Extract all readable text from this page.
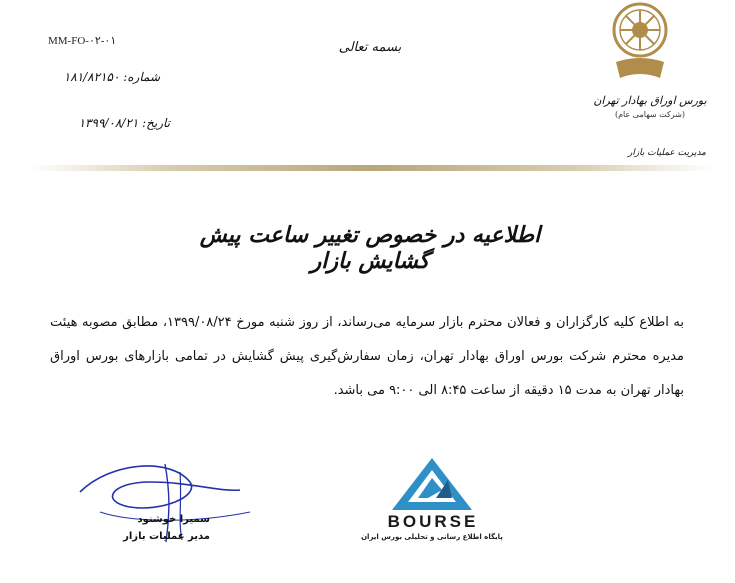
MM-FO-۰۲-۰۱
شماره: ۱۸۱/۸۲۱۵۰
تاریخ: ۱۳۹۹/۰۸/۲۱
بسمه تعالی
بورس اوراق بهادار تهران
(شرکت سهامی عام)
مدیریت عملیات بازار
اطلاعیه در خصوص تغییر ساعت پیش گشایش بازار
به اطلاع کلیه کارگزاران و فعالان محترم بازار سرمایه می‌رساند، از روز شنبه مورخ ۱۳۹۹/۰۸/۲۴، مطابق مصوبه هیئت مدیره محترم شرکت بورس اوراق بهادار تهران، زمان سفارش‌گیری پیش گشایش در تمامی بازارهای بورس اوراق بهادار تهران به مدت ۱۵ دقیقه از ساعت ۸:۴۵ الی ۹:۰۰ می باشد.
BOURSE
پایگاه اطلاع رسانی و تحلیلی بورس ایران
سمیرا خوشنود
مدیر عملیات بازار
